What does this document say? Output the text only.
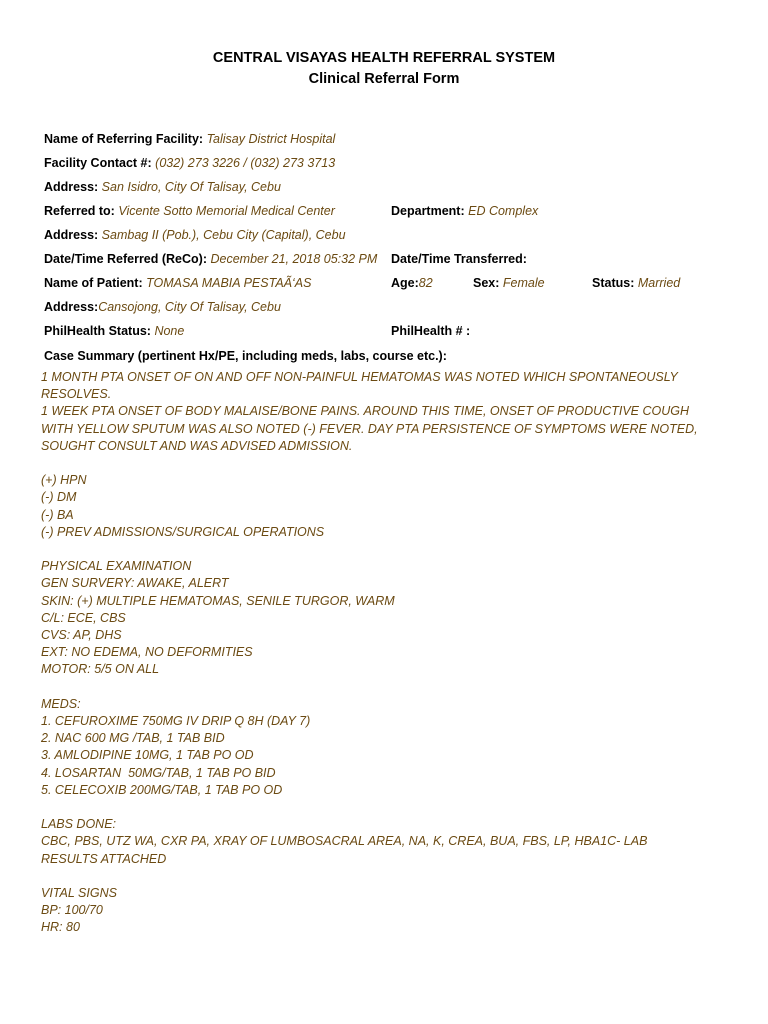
CENTRAL VISAYAS HEALTH REFERRAL SYSTEM
Clinical Referral Form
Name of Referring Facility: Talisay District Hospital
Facility Contact #: (032) 273 3226 / (032) 273 3713
Address: San Isidro, City Of Talisay, Cebu
Referred to: Vicente Sotto Memorial Medical Center	Department: ED Complex
Address: Sambag II (Pob.), Cebu City (Capital), Cebu
Date/Time Referred (ReCo): December 21, 2018 05:32 PM Date/Time Transferred:
Name of Patient: TOMASA MABIA PESTAÃ‘AS	Age:82	Sex: Female	Status: Married
Address:Cansojong, City Of Talisay, Cebu
PhilHealth Status: None	PhilHealth # :
Case Summary (pertinent Hx/PE, including meds, labs, course etc.):
1 MONTH PTA ONSET OF ON AND OFF NON-PAINFUL HEMATOMAS WAS NOTED WHICH SPONTANEOUSLY
RESOLVES.
1 WEEK PTA ONSET OF BODY MALAISE/BONE PAINS. AROUND THIS TIME, ONSET OF PRODUCTIVE COUGH
WITH YELLOW SPUTUM WAS ALSO NOTED (-) FEVER. DAY PTA PERSISTENCE OF SYMPTOMS WERE NOTED,
SOUGHT CONSULT AND WAS ADVISED ADMISSION.
(+) HPN
(-) DM
(-) BA
(-) PREV ADMISSIONS/SURGICAL OPERATIONS
PHYSICAL EXAMINATION
GEN SURVERY: AWAKE, ALERT
SKIN: (+) MULTIPLE HEMATOMAS, SENILE TURGOR, WARM
C/L: ECE, CBS
CVS: AP, DHS
EXT: NO EDEMA, NO DEFORMITIES
MOTOR: 5/5 ON ALL
MEDS:
1. CEFUROXIME 750MG IV DRIP Q 8H (DAY 7)
2. NAC 600 MG /TAB, 1 TAB BID
3. AMLODIPINE 10MG, 1 TAB PO OD
4. LOSARTAN  50MG/TAB, 1 TAB PO BID
5. CELECOXIB 200MG/TAB, 1 TAB PO OD
LABS DONE:
CBC, PBS, UTZ WA, CXR PA, XRAY OF LUMBOSACRAL AREA, NA, K, CREA, BUA, FBS, LP, HBA1C- LAB
RESULTS ATTACHED
VITAL SIGNS
BP: 100/70
HR: 80
